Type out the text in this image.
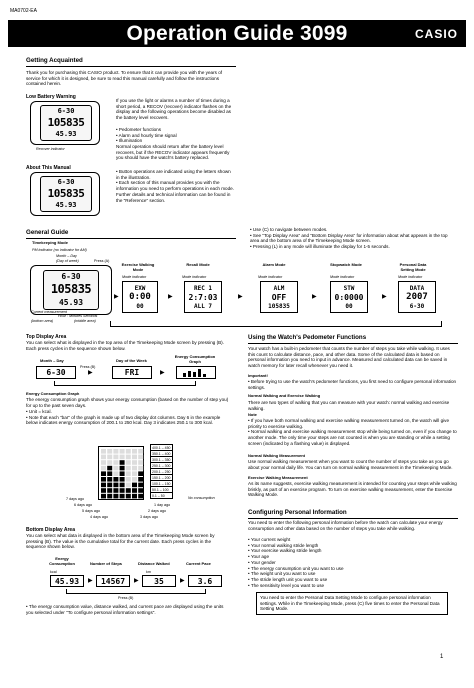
MA0702-EA
Operation Guide 3099	CASIO
Getting Acquainted
Thank you for purchasing this CASIO product. To ensure that it can provide you with the years of service for which it is designed, be sure to read this manual carefully and follow the instructions contained herein.
Low Battery Warning
6-30
105835
45.93
Recover indicator
If you use the light or alarms a number of times during a short period, a RECOV (recover) indicator flashes on the display and the following operations become disabled as the battery level recovers.
• Pedometer functions
• Alarm and hourly time signal
• Illumination
Normal operation should return after the battery level recovers, but if the RECOV indicator appears frequently you should have the watch's battery replaced.
About This Manual
6-30
105835
45.93
• Button operations are indicated using the letters shown in the illustration.
• Each section of this manual provides you with the information you need to perform operations in each mode. Further details and technical information can be found in the "Reference" section.
General Guide	• Use (C) to navigate between modes.
• See "Top Display Area" and "Bottom Display Area" for information about what appears in the top area and the bottom area of the Timekeeping Mode screen.
• Pressing (L) in any mode will illuminate the display for 1-5 seconds.
Timekeeping Mode
PM indicator (no indicator for AM)
Month – Day
(Day of week)	Press (A)
6-30
105835
45.93
Current measurement
Hour : Minutes Seconds
(bottom area)	(middle area)
Exercise Walking Mode
Recall Mode	Alarm Mode	Stopwatch Mode	Personal Data Setting Mode
Mode indicator	Mode indicator	Mode indicator	Mode indicator	Mode indicator
EXW
0:00
00
REC 1
2:7:03
ALL 7
ALM
OFF
105835
STW
0:0000
00
DATA
2007
6-30
▶	▶	▶	▶	▶
Top Display Area
You can select what is displayed in the top area of the Timekeeping Mode screen by pressing (B). Each press cycles in the sequence shown below.
Month – Day	Day of the Week
Energy Consumption Graph
6-30
Press (B)
▶	FRI	▶
Energy Consumption Graph
The energy consumption graph shows your energy consumption (based on the number of step you) for up to the past seven days.
• Unit = kcal.
• Note that each "bar" of the graph is made up of two display dot columns. Day 6 in the example below indicates energy consumption of 200.1 to 250 kcal. Day 3 indicates 250.1 to 300 kcal.
400.1 – 450
350.1 – 400
300.1 – 350
250.1 – 300
200.1 – 250
150.1 – 200
100.1 – 150
50.1 – 100
0.1 – 50
No consumption
7 days ago
6 days ago
5 days ago
4 days ago	3 days ago
2 days ago
1 day ago
Bottom Display Area
You can select what data is displayed in the bottom area of the Timekeeping Mode screen by pressing (B). The value is the cumulative total for the current date. Each press cycles in the sequence shown below.
Energy Consumption	Number of Steps	Distance Walked	Current Pace
kcal	km
45.93	▶	14567	▶	35	▶	3.6
Press (B)
• The energy consumption value, distance walked, and current pace are displayed using the units you selected under "To configure personal information settings".
Using the Watch's Pedometer Functions
Your watch has a built-in pedometer that counts the number of steps you take while walking. It uses this count to calculate distance, pace, and other data. Some of the calculated data is based on personal information you need to input in advance. Measured and calculated data can be saved in watch memory for later recall whenever you need it.
Important!
• Before trying to use the watch's pedometer functions, you first need to configure personal information settings.
Normal Walking and Exercise Walking
There are two types of walking that you can measure with your watch: normal walking and exercise walking.
Note
• If you have both normal walking and exercise walking measurement turned on, the watch will give priority to exercise walking.
• Normal walking and exercise walking measurement stop while being turned on, even if you change to another mode. The only time your steps are not counted is when you are standing or while a setting screen (indicated by a flashing value) is displayed.
Normal Walking Measurement
Use normal walking measurement when you want to count the number of steps you take as you go about your normal daily life. You can turn on normal walking measurement in the Timekeeping Mode.
Exercise Walking Measurement
As its name suggests, exercise walking measurement is intended for counting your steps while walking briskly, as part of an exercise program. To turn on exercise walking measurement, enter the Exercise Walking Mode.
Configuring Personal Information
You need to enter the following personal information before the watch can calculate your energy consumption and other data based on the number of steps you take while walking.
• Your current weight
• Your normal walking stride length
• Your exercise walking stride length
• Your age
• Your gender
• The energy consumption unit you want to use
• The weight unit you want to use
• The stride length unit you want to use
• The sensitivity level you want to use
You need to enter the Personal Data Setting Mode to configure personal information settings. While in the Timekeeping Mode, press (C) five times to enter the Personal Data Setting Mode.
1
